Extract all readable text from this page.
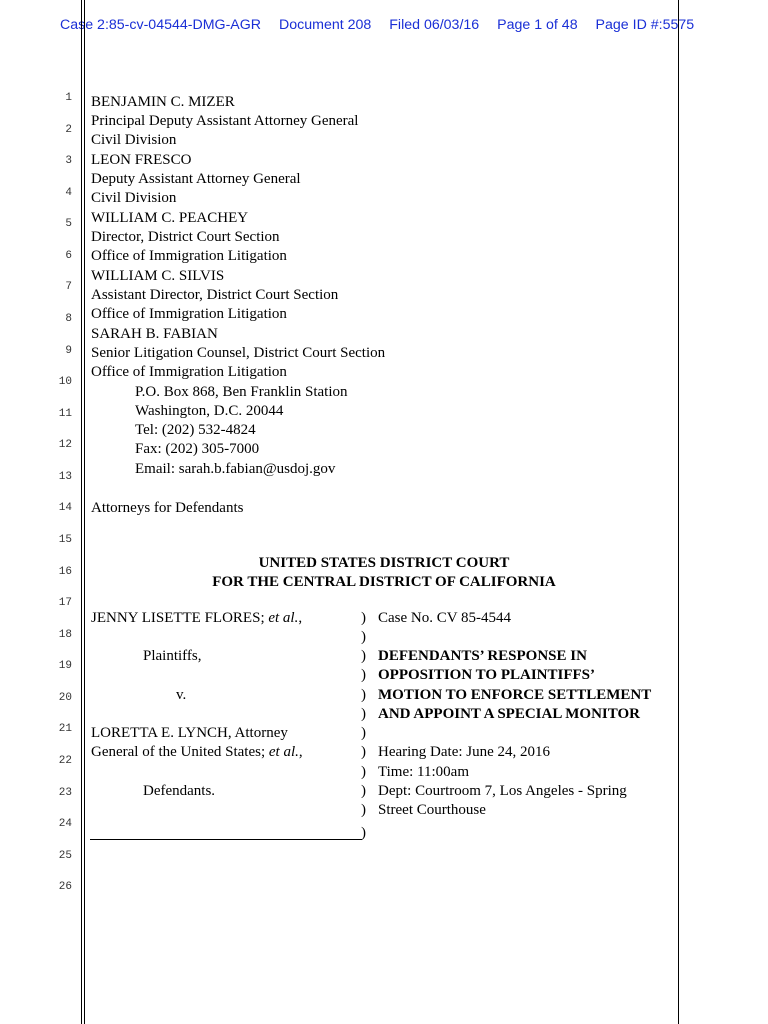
Case 2:85-cv-04544-DMG-AGR Document 208 Filed 06/03/16 Page 1 of 48 Page ID #:5575
1
2
3
4
5
6
7
8
9
10
11
12
13
14
15
16
17
18
19
20
21
22
23
24
25
26
BENJAMIN C. MIZER
Principal Deputy Assistant Attorney General
Civil Division
LEON FRESCO
Deputy Assistant Attorney General
Civil Division
WILLIAM C. PEACHEY
Director, District Court Section
Office of Immigration Litigation
WILLIAM C. SILVIS
Assistant Director, District Court Section
Office of Immigration Litigation
SARAH B. FABIAN
Senior Litigation Counsel, District Court Section
Office of Immigration Litigation
P.O. Box 868, Ben Franklin Station
Washington, D.C. 20044
Tel: (202) 532-4824
Fax: (202) 305-7000
Email: sarah.b.fabian@usdoj.gov
Attorneys for Defendants
UNITED STATES DISTRICT COURT
FOR THE CENTRAL DISTRICT OF CALIFORNIA
JENNY LISETTE FLORES; et al.,
Plaintiffs,
v.
LORETTA E. LYNCH, Attorney
General of the United States; et al.,
Defendants.
)
)
)
)
)
)
)
)
)
)
)
)
Case No. CV 85-4544
DEFENDANTS’ RESPONSE IN
OPPOSITION TO PLAINTIFFS’
MOTION TO ENFORCE SETTLEMENT
AND APPOINT A SPECIAL MONITOR
Hearing Date: June 24, 2016
Time: 11:00am
Dept: Courtroom 7, Los Angeles - Spring
Street Courthouse
